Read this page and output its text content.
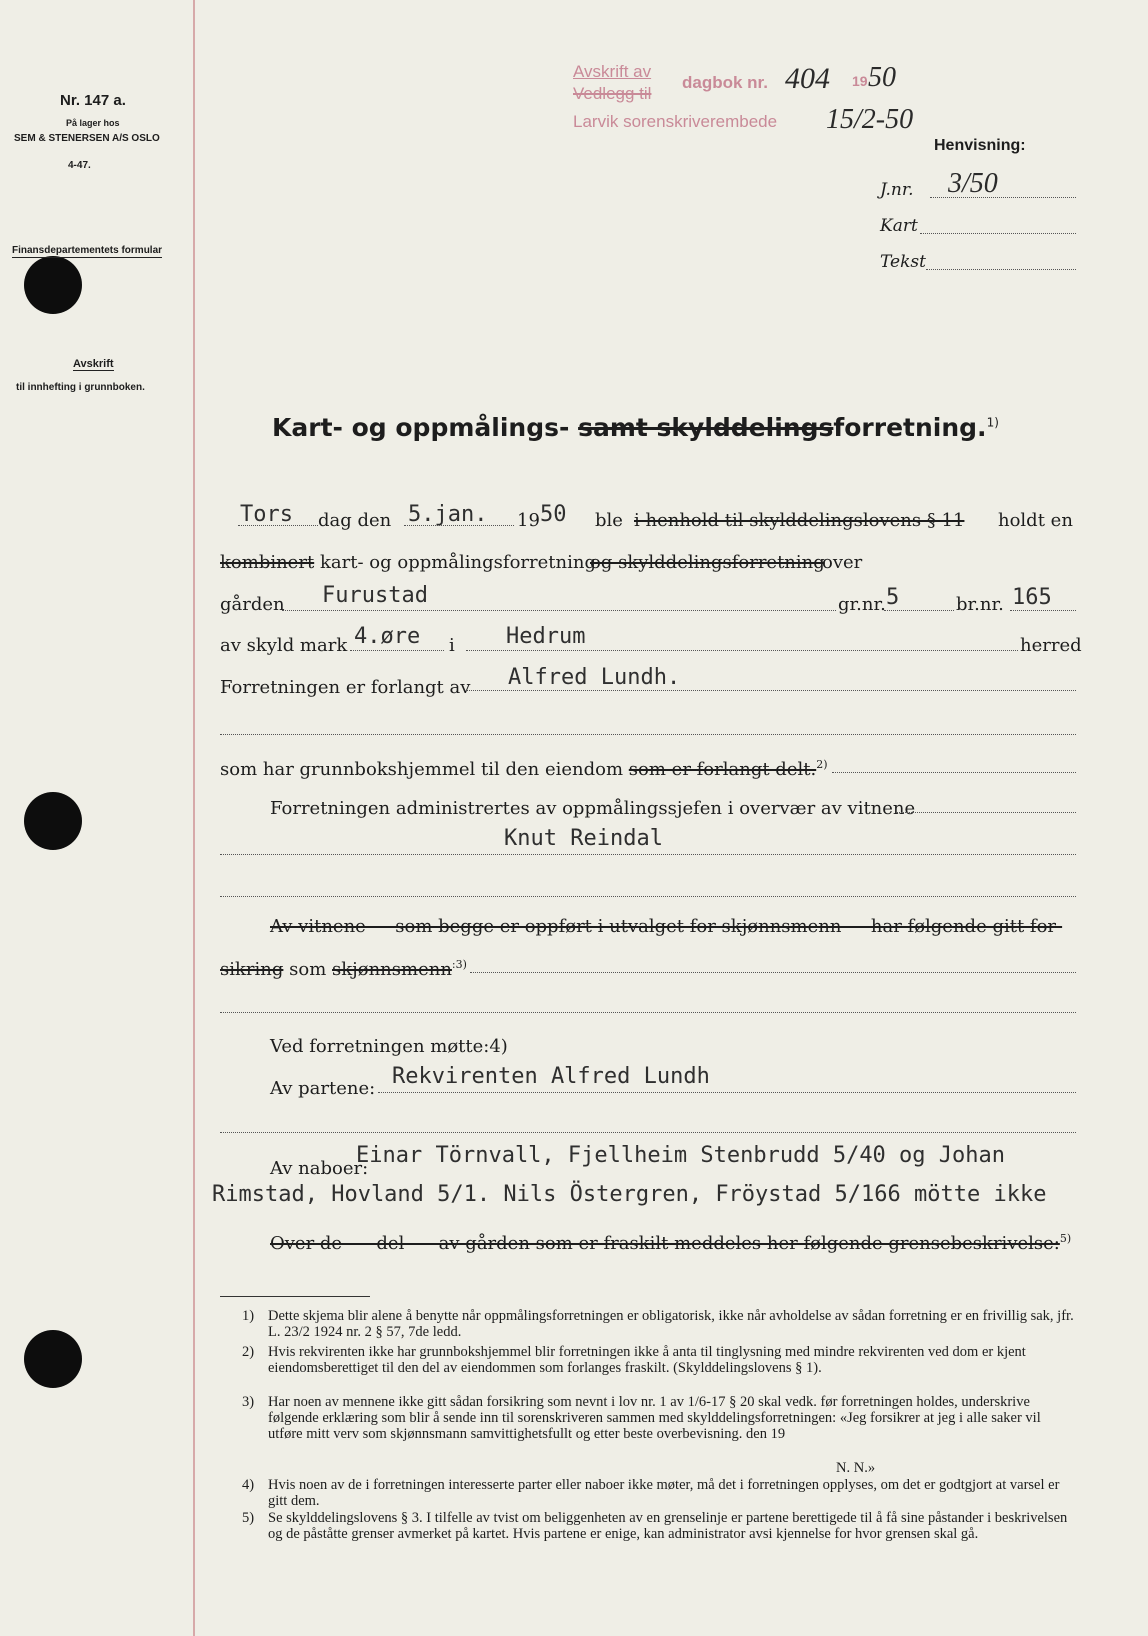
Nr. 147 a.
På lager hos
SEM & STENERSEN A/S OSLO
4-47.
Finansdepartementets formular
Avskrift
til innhefting i grunnboken.
Avskrift av
Vedlegg til
dagbok nr.
Larvik sorenskriverembede
404 19 50
15/2-50
Henvisning:
J.nr. 3/50
Kart
Tekst
Kart- og oppmålings- samt skylddelingsforretning.$^{1)}$
Tors dag den 5.jan. 19 50 ble i henhold til skylddelingslovens § 11 holdt en
kombinert kart- og oppmålingsforretning
og skylddelingsforretning
over
gården Furustad	gr.nr. 5	br.nr. 165
av skyld mark 4.øre i Hedrum	herred
Forretningen er forlangt av Alfred Lundh.
som har grunnbokshjemmel til den eiendom som er forlangt delt.$^{2)}$
Forretningen administrertes av oppmålingssjefen i overvær av vitnene
Knut Reindal
Av vitnene — som begge er oppført i utvalget for skjønnsmenn — har følgende gitt for-
sikring som skjønnsmenn$^{:3)}$
Ved forretningen møtte:4)
Av partene: Rekvirenten Alfred Lundh
Av naboer:
Einar Törnvall, Fjellheim Stenbrudd 5/40 og Johan
Rimstad, Hovland 5/1. Nils Östergren, Fröystad 5/166 mötte ikke
Over de      del      av gården som er fraskilt meddeles her følgende grensebeskrivelse:$^{5)}$
1) Dette skjema blir alene å benytte når oppmålingsforretningen er obligatorisk, ikke når avholdelse av sådan forretning er en frivillig sak, jfr. L. 23/2 1924 nr. 2 § 57, 7de ledd.
2) Hvis rekvirenten ikke har grunnbokshjemmel blir forretningen ikke å anta til tinglysning med mindre rekvirenten ved dom er kjent eiendomsberettiget til den del av eiendommen som forlanges fraskilt. (Skylddelingslovens § 1).
3) Har noen av mennene ikke gitt sådan forsikring som nevnt i lov nr. 1 av 1/6-17 § 20 skal vedk. før forretningen holdes, underskrive følgende erklæring som blir å sende inn til sorenskriveren sammen med skylddelingsforretningen: «Jeg forsikrer at jeg i alle saker vil utføre mitt verv som skjønnsmann samvittighetsfullt og etter beste overbevisning. den 19
N. N.»
4) Hvis noen av de i forretningen interesserte parter eller naboer ikke møter, må det i forretningen opplyses, om det er godtgjort at varsel er gitt dem.
5) Se skylddelingslovens § 3. I tilfelle av tvist om beliggenheten av en grenselinje er partene berettigede til å få sine påstander i beskrivelsen og de påståtte grenser avmerket på kartet. Hvis partene er enige, kan administrator avsi kjennelse for hvor grensen skal gå.
